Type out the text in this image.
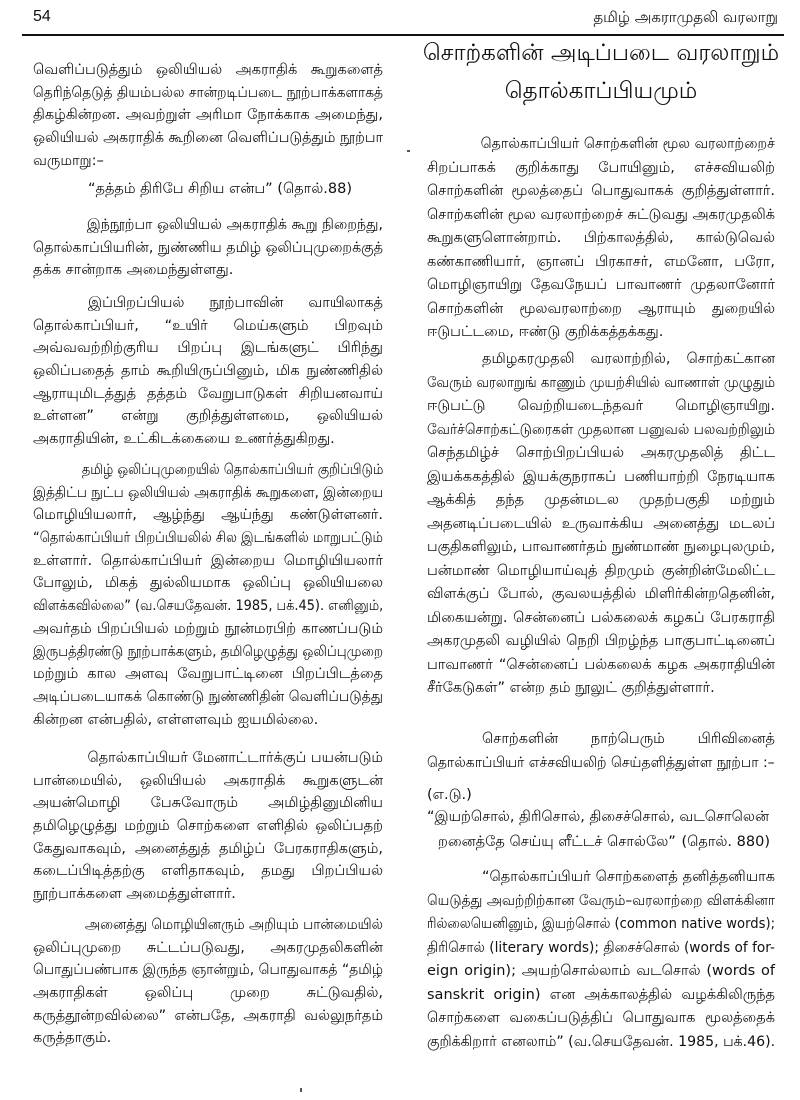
54	தமிழ் அகராமுதலி வரலாறு
வெளிப்படுத்தும் ஒலியியல் அகராதிக் கூறுகளைத்
தெரிந்தெடுத் தியம்பல்ல சான்றடிப்படை நூற்பாக்களாகத்
திகழ்கின்றன. அவற்றுள் அரிமா நோக்காக அமைந்து,
ஒலியியல் அகராதிக் கூறினை வெளிப்படுத்தும் நூற்பா
வருமாறு:–
“தத்தம் திரிபே சிறிய என்ப” (தொல்.88)
இந்நூற்பா ஒலியியல் அகராதிக் கூறு நிறைந்து,
தொல்காப்பியரின், நுண்ணிய தமிழ் ஒலிப்புமுறைக்குத்
தக்க சான்றாக அமைந்துள்ளது.
இப்பிறப்பியல் நூற்பாவின் வாயிலாகத்
தொல்காப்பியர், “உயிர் மெய்களும் பிறவும்
அவ்வவற்றிற்குரிய பிறப்பு இடங்களுட் பிரிந்து
ஒலிப்பதைத் தாம் கூறியிருப்பினும், மிக நுண்ணிதில்
ஆராயுமிடத்துத் தத்தம் வேறுபாடுகள் சிறியனவாய்
உள்ளன” என்று குறித்துள்ளமை, ஒலியியல்
அகராதியின், உட்கிடக்கையை உணர்த்துகிறது.
தமிழ் ஒலிப்புமுறையில் தொல்காப்பியர் குறிப்பிடும்
இத்திட்ப நுட்ப ஒலியியல் அகராதிக் கூறுகளை, இன்றைய
மொழியியலார், ஆழ்ந்து ஆய்ந்து கண்டுள்ளனர்.
“தொல்காப்பியர் பிறப்பியலில் சில இடங்களில் மாறுபட்டும்
உள்ளார். தொல்காப்பியர் இன்றைய மொழியியலார்
போலும், மிகத் துல்லியமாக ஒலிப்பு ஒலியியலை
விளக்கவில்லை” (வ.செயதேவன். 1985, பக்.45). எனினும்,
அவர்தம் பிறப்பியல் மற்றும் நூன்மரபிற் காணப்படும்
இருபத்திரண்டு நூற்பாக்களும், தமிழெழுத்து ஒலிப்புமுறை
மற்றும் கால அளவு வேறுபாட்டினை பிறப்பிடத்தை
அடிப்படையாகக் கொண்டு நுண்ணிதின் வெளிப்படுத்து
கின்றன என்பதில், எள்ளளவும் ஐயமில்லை.
தொல்காப்பியர் மேனாட்டார்க்குப் பயன்படும்
பான்மையில், ஒலியியல் அகராதிக் கூறுகளுடன்
அயன்மொழி பேசுவோரும் அமிழ்தினுமினிய
தமிழெழுத்து மற்றும் சொற்களை எளிதில் ஒலிப்பதற்
கேதுவாகவும், அனைத்துத் தமிழ்ப் பேரகராதிகளும்,
கடைப்பிடித்தற்கு எளிதாகவும், தமது பிறப்பியல்
நூற்பாக்களை அமைத்துள்ளார்.
அனைத்து மொழியினரும் அறியும் பான்மையில்
ஒலிப்புமுறை சுட்டப்படுவது, அகரமுதலிகளின்
பொதுப்பண்பாக இருந்த ஞான்றும், பொதுவாகத் “தமிழ்
அகராதிகள் ஒலிப்பு முறை சுட்டுவதில்,
கருத்தூன்றவில்லை” என்பதே, அகராதி வல்லுநர்தம்
கருத்தாகும்.
சொற்களின் அடிப்படை வரலாறும்
தொல்காப்பியமும்
தொல்காப்பியர் சொற்களின் மூல வரலாற்றைச்
சிறப்பாகக் குறிக்காது போயினும், எச்சவியலிற்
சொற்களின் மூலத்தைப் பொதுவாகக் குறித்துள்ளார்.
சொற்களின் மூல வரலாற்றைச் சுட்டுவது அகரமுதலிக்
கூறுகளுளொன்றாம். பிற்காலத்தில், கால்டுவெல்
கண்காணியார், ஞானப் பிரகாசர், எமனோ, பரோ,
மொழிஞாயிறு தேவநேயப் பாவாணர் முதலானோர்
சொற்களின் மூலவரலாற்றை ஆராயும் துறையில்
ஈடுபட்டமை, ஈண்டு குறிக்கத்தக்கது.
தமிழகரமுதலி வரலாற்றில், சொற்கட்கான
வேரும் வரலாறுங் காணும் முயற்சியில் வாணாள் முழுதும்
ஈடுபட்டு வெற்றியடைந்தவர் மொழிஞாயிறு.
வேர்ச்சொற்கட்டுரைகள் முதலான பனுவல் பலவற்றிலும்
செந்தமிழ்ச் சொற்பிறப்பியல் அகரமுதலித் திட்ட
இயக்ககத்தில் இயக்குநராகப் பணியாற்றி நேரடியாக
ஆக்கித் தந்த முதன்மடல முதற்பகுதி மற்றும்
அதனடிப்படையில் உருவாக்கிய அனைத்து மடலப்
பகுதிகளிலும், பாவாணர்தம் நுண்மாண் நுழைபுலமும்,
பன்மாண் மொழியாய்வுத் திறமும் குன்றின்மேலிட்ட
விளக்குப் போல், குவலயத்தில் மிளிர்கின்றதெனின்,
மிகையன்று. சென்னைப் பல்கலைக் கழகப் பேரகராதி
அகரமுதலி வழியில் நெறி பிறழ்ந்த பாகுபாட்டினைப்
பாவாணர் “சென்னைப் பல்கலைக் கழக அகராதியின்
சீர்கேடுகள்” என்ற தம் நூலுட் குறித்துள்ளார்.
சொற்களின் நாற்பெரும் பிரிவினைத்
தொல்காப்பியர் எச்சவியலிற் செய்தளித்துள்ள நூற்பா :–
(எ.டு.)
“இயற்சொல், திரிசொல், திசைச்சொல், வடசொலென்
றனைத்தே செய்யு ளீட்டச் சொல்லே” (தொல். 880)
“தொல்காப்பியர் சொற்களைத் தனித்தனியாக
யெடுத்து அவற்றிற்கான வேரும்–வரலாற்றை விளக்கினா
ரில்லையெனினும், இயற்சொல் (common native words);
திரிசொல் (literary words); திசைச்சொல் (words of for-
eign origin); அயற்சொல்லாம் வடசொல் (words of
sanskrit origin) என அக்காலத்தில் வழக்கிலிருந்த
சொற்களை வகைப்படுத்திப் பொதுவாக மூலத்தைக்
குறிக்கிறார் எனலாம்” (வ.செயதேவன். 1985, பக்.46).
